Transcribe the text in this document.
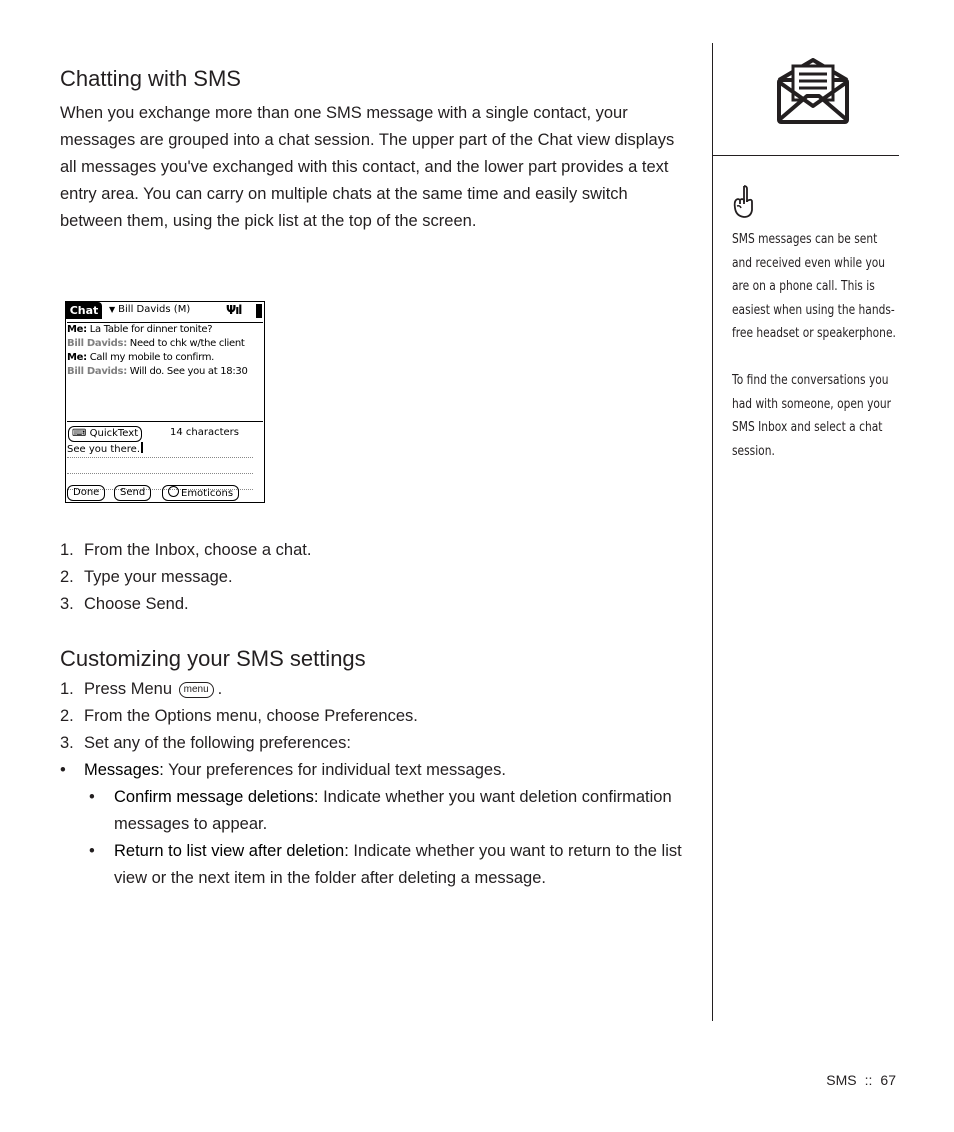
Chatting with SMS

When you exchange more than one SMS message with a single contact, your messages are grouped into a chat session. The upper part of the Chat view displays all messages you've exchanged with this contact, and the lower part provides a text entry area. You can carry on multiple chats at the same time and easily switch between them, using the pick list at the top of the screen.

Chat	▼ Bill Davids (M)	Ψıl
Me: La Table for dinner tonite?
Bill Davids: Need to chk w/the client
Me: Call my mobile to confirm.
Bill Davids: Will do. See you at 18:30
⌨ QuickText	14 characters
See you there.
Done	Send	Emoticons
1. From the Inbox, choose a chat.
2. Type your message.
3. Choose Send.
Customizing your SMS settings
1. Press Menu menu .
2. From the Options menu, choose Preferences.
3. Set any of the following preferences:
• Messages: Your preferences for individual text messages.
• Confirm message deletions: Indicate whether you want deletion confirmation messages to appear.
• Return to list view after deletion: Indicate whether you want to return to the list view or the next item in the folder after deleting a message.

SMS messages can be sent and received even while you are on a phone call. This is easiest when using the hands-free headset or speakerphone.

To find the conversations you had with someone, open your SMS Inbox and select a chat session.

SMS :: 67
